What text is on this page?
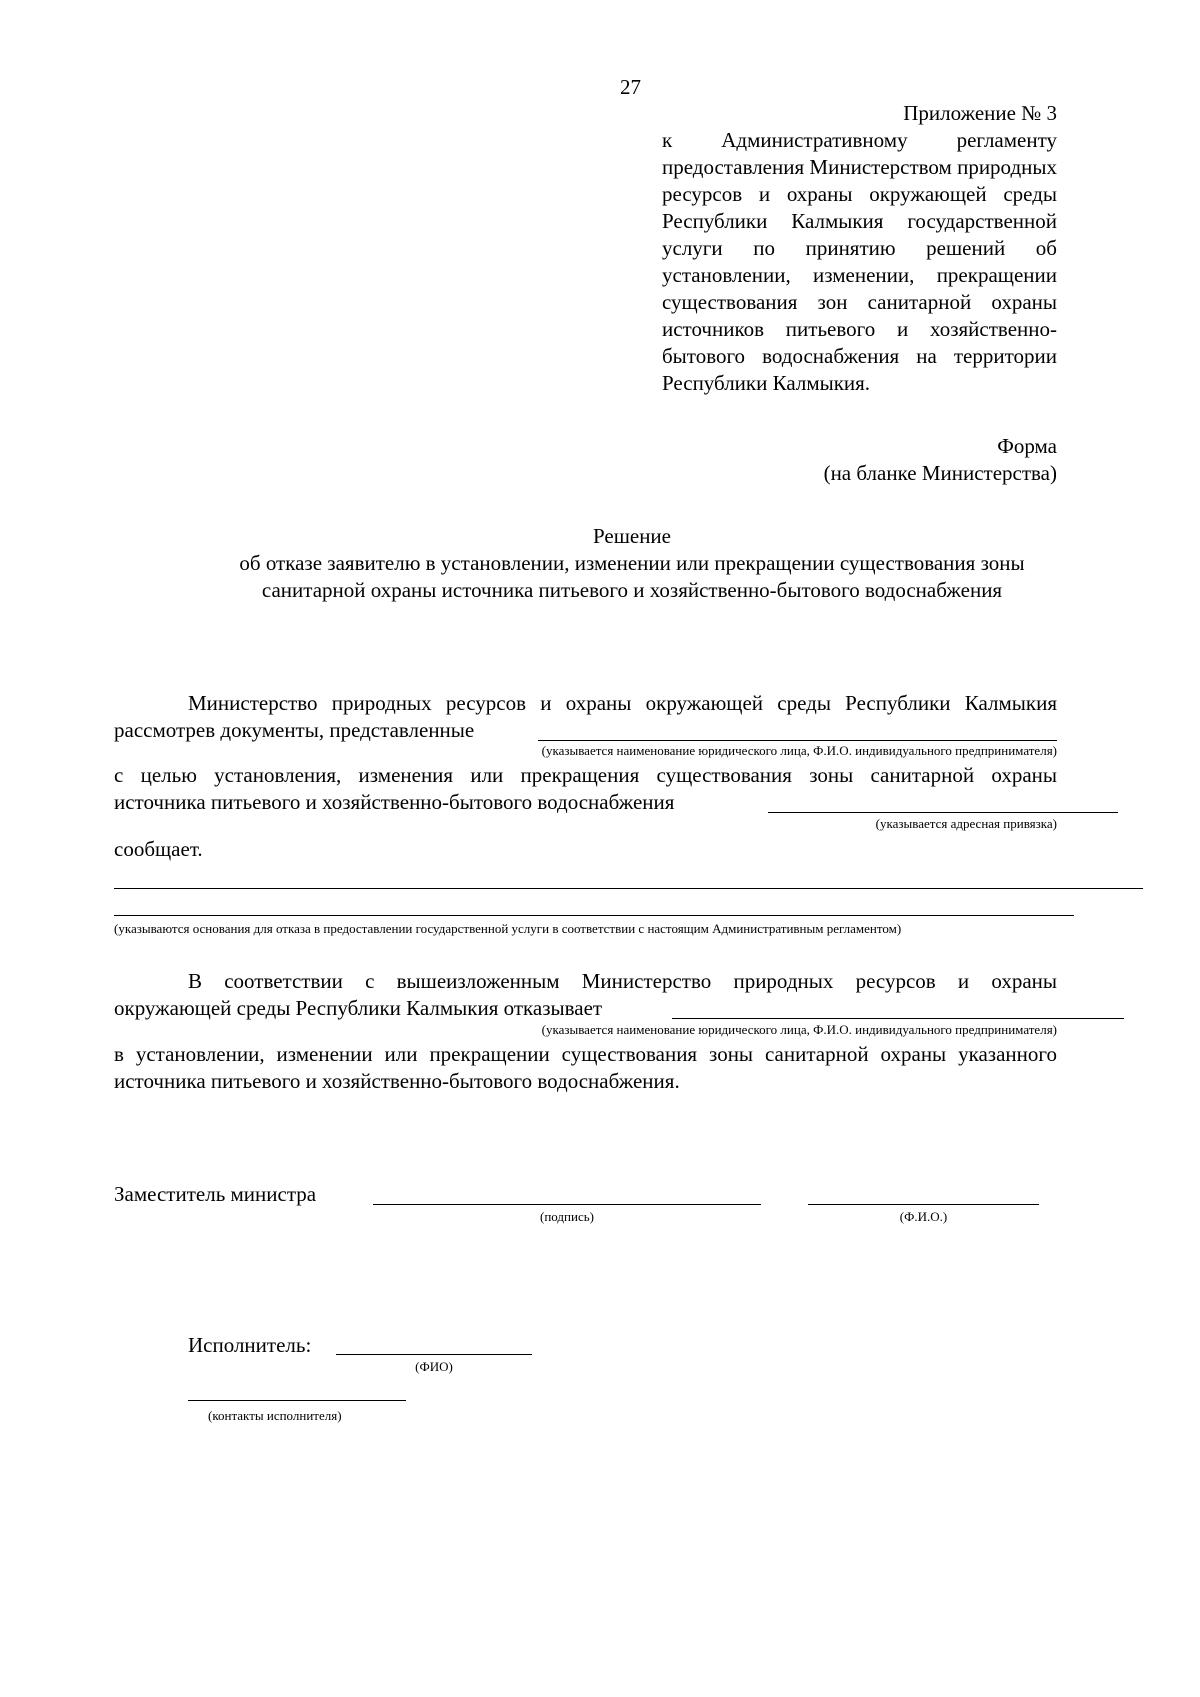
27
Приложение № 3
к Административному регламенту
предоставления Министерством природных
ресурсов и охраны окружающей среды
Республики Калмыкия государственной
услуги по принятию решений об
установлении, изменении, прекращении
существования зон санитарной охраны
источников питьевого и хозяйственно-
бытового водоснабжения на территории
Республики Калмыкия.
Форма
(на бланке Министерства)
Решение
об отказе заявителю в установлении, изменении или прекращении существования зоны
санитарной охраны источника питьевого и хозяйственно-бытового водоснабжения
Министерство природных ресурсов и охраны окружающей среды Республики Калмыкия
рассмотрев документы, представленные
(указывается наименование юридического лица, Ф.И.О. индивидуального предпринимателя)
с целью установления, изменения или прекращения существования зоны санитарной охраны
источника питьевого и хозяйственно-бытового водоснабжения
(указывается адресная привязка)
сообщает.
(указываются основания для отказа в предоставлении государственной услуги в соответствии с настоящим Административным регламентом)
В соответствии с вышеизложенным Министерство природных ресурсов и охраны
окружающей среды Республики Калмыкия отказывает
(указывается наименование юридического лица, Ф.И.О. индивидуального предпринимателя)
в установлении, изменении или прекращении существования зоны санитарной охраны указанного
источника питьевого и хозяйственно-бытового водоснабжения.
Заместитель министра
(подпись)	(Ф.И.О.)
Исполнитель:
(ФИО)
(контакты исполнителя)
